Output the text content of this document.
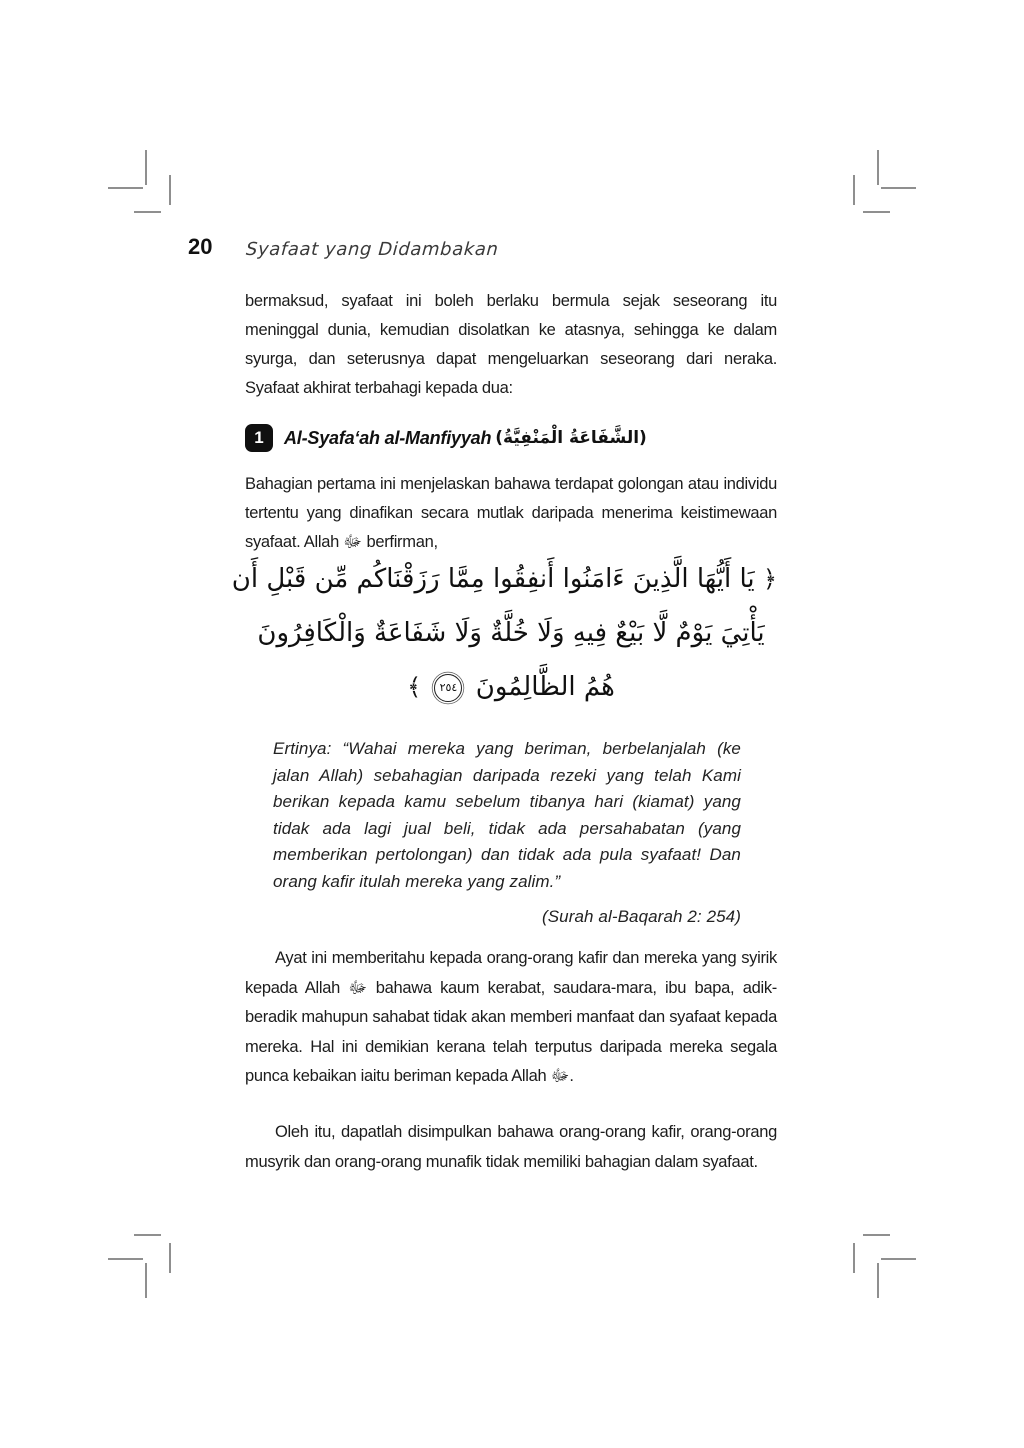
20 Syafaat yang Didambakan
bermaksud, syafaat ini boleh berlaku bermula sejak seseorang itu meninggal dunia, kemudian disolatkan ke atasnya, sehingga ke dalam syurga, dan seterusnya dapat mengeluarkan seseorang dari neraka. Syafaat akhirat terbahagi kepada dua:
1	Al-Syafa‘ah al-Manfiyyah (الشَّفَاعَةُ الْمَنْفِيَّةُ)
Bahagian pertama ini menjelaskan bahawa terdapat golongan atau individu tertentu yang dinafikan secara mutlak daripada menerima keistimewaan syafaat. Allah ﷻ berfirman,
﴿ يَا أَيُّهَا الَّذِينَ ءَامَنُوا أَنفِقُوا مِمَّا رَزَقْنَاكُم مِّن قَبْلِ أَن
يَأْتِيَ يَوْمٌ لَّا بَيْعٌ فِيهِ وَلَا خُلَّةٌ وَلَا شَفَاعَةٌ وَالْكَافِرُونَ
هُمُ الظَّالِمُونَ ٢٥٤ ﴾
Ertinya: “Wahai mereka yang beriman, berbelanjalah (ke jalan Allah) sebahagian daripada rezeki yang telah Kami berikan kepada kamu sebelum tibanya hari (kiamat) yang tidak ada lagi jual beli, tidak ada persahabatan (yang memberikan pertolongan) dan tidak ada pula syafaat! Dan orang kafir itulah mereka yang zalim.”
(Surah al-Baqarah 2: 254)
Ayat ini memberitahu kepada orang-orang kafir dan mereka yang syirik kepada Allah ﷻ bahawa kaum kerabat, saudara-mara, ibu bapa, adik-beradik mahupun sahabat tidak akan memberi manfaat dan syafaat kepada mereka. Hal ini demikian kerana telah terputus daripada mereka segala punca kebaikan iaitu beriman kepada Allah ﷻ.
Oleh itu, dapatlah disimpulkan bahawa orang-orang kafir, orang-orang musyrik dan orang-orang munafik tidak memiliki bahagian dalam syafaat.
